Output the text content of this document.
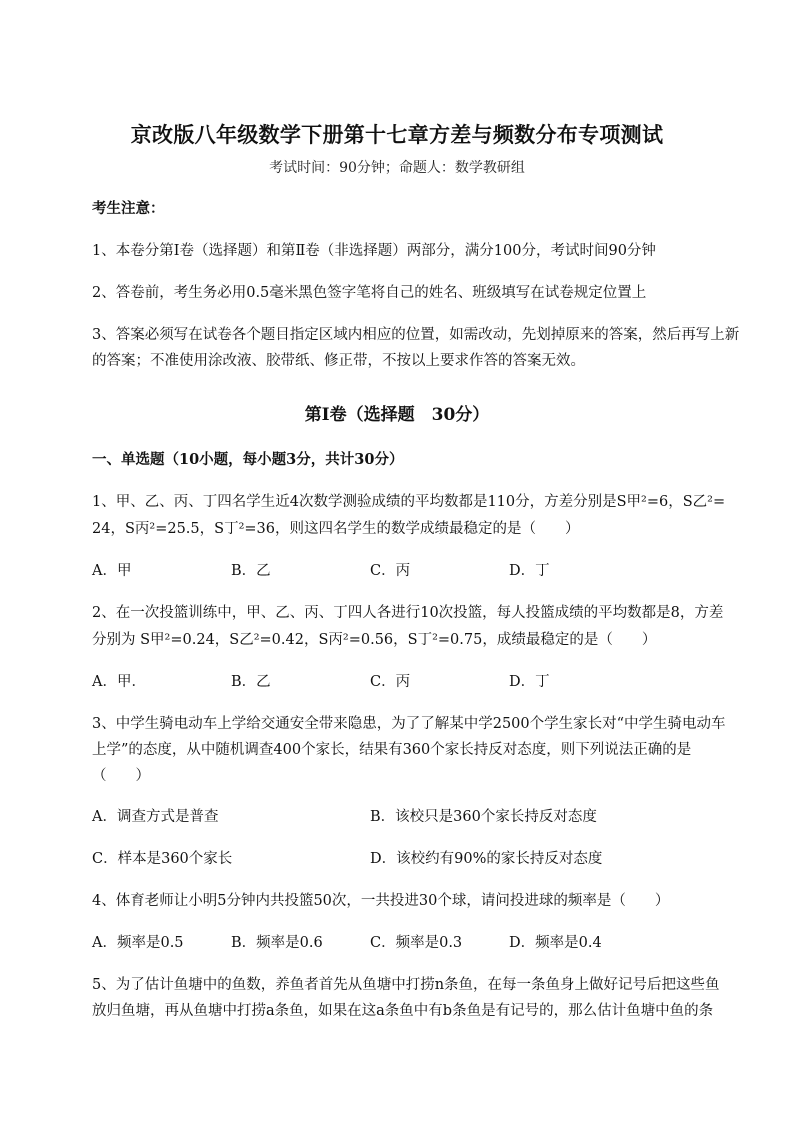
京改版八年级数学下册第十七章方差与频数分布专项测试
考试时间：90分钟；命题人：数学教研组
考生注意：
1、本卷分第Ⅰ卷（选择题）和第Ⅱ卷（非选择题）两部分，满分100分，考试时间90分钟
2、答卷前，考生务必用0.5毫米黑色签字笔将自己的姓名、班级填写在试卷规定位置上
3、答案必须写在试卷各个题目指定区域内相应的位置，如需改动，先划掉原来的答案，然后再写上新
的答案；不准使用涂改液、胶带纸、修正带，不按以上要求作答的答案无效。
第Ⅰ卷（选择题　30分）
一、单选题（10小题，每小题3分，共计30分）
1、甲、乙、丙、丁四名学生近4次数学测验成绩的平均数都是110分，方差分别是S甲²=6，S乙²=
24，S丙²=25.5，S丁²=36，则这四名学生的数学成绩最稳定的是（　　）
A．甲	B．乙	C．丙	D．丁
2、在一次投篮训练中，甲、乙、丙、丁四人各进行10次投篮，每人投篮成绩的平均数都是8，方差
分别为 S甲²=0.24，S乙²=0.42，S丙²=0.56，S丁²=0.75，成绩最稳定的是（　　）
A．甲．	B．乙	C．丙	D．丁
3、中学生骑电动车上学给交通安全带来隐患，为了了解某中学2500个学生家长对“中学生骑电动车
上学”的态度，从中随机调查400个家长，结果有360个家长持反对态度，则下列说法正确的是
（　　）
A．调查方式是普查	B．该校只是360个家长持反对态度
C．样本是360个家长	D．该校约有90%的家长持反对态度
4、体育老师让小明5分钟内共投篮50次，一共投进30个球，请问投进球的频率是（　　）
A．频率是0.5	B．频率是0.6	C．频率是0.3	D．频率是0.4
5、为了估计鱼塘中的鱼数，养鱼者首先从鱼塘中打捞n条鱼，在每一条鱼身上做好记号后把这些鱼
放归鱼塘，再从鱼塘中打捞a条鱼，如果在这a条鱼中有b条鱼是有记号的，那么估计鱼塘中鱼的条
